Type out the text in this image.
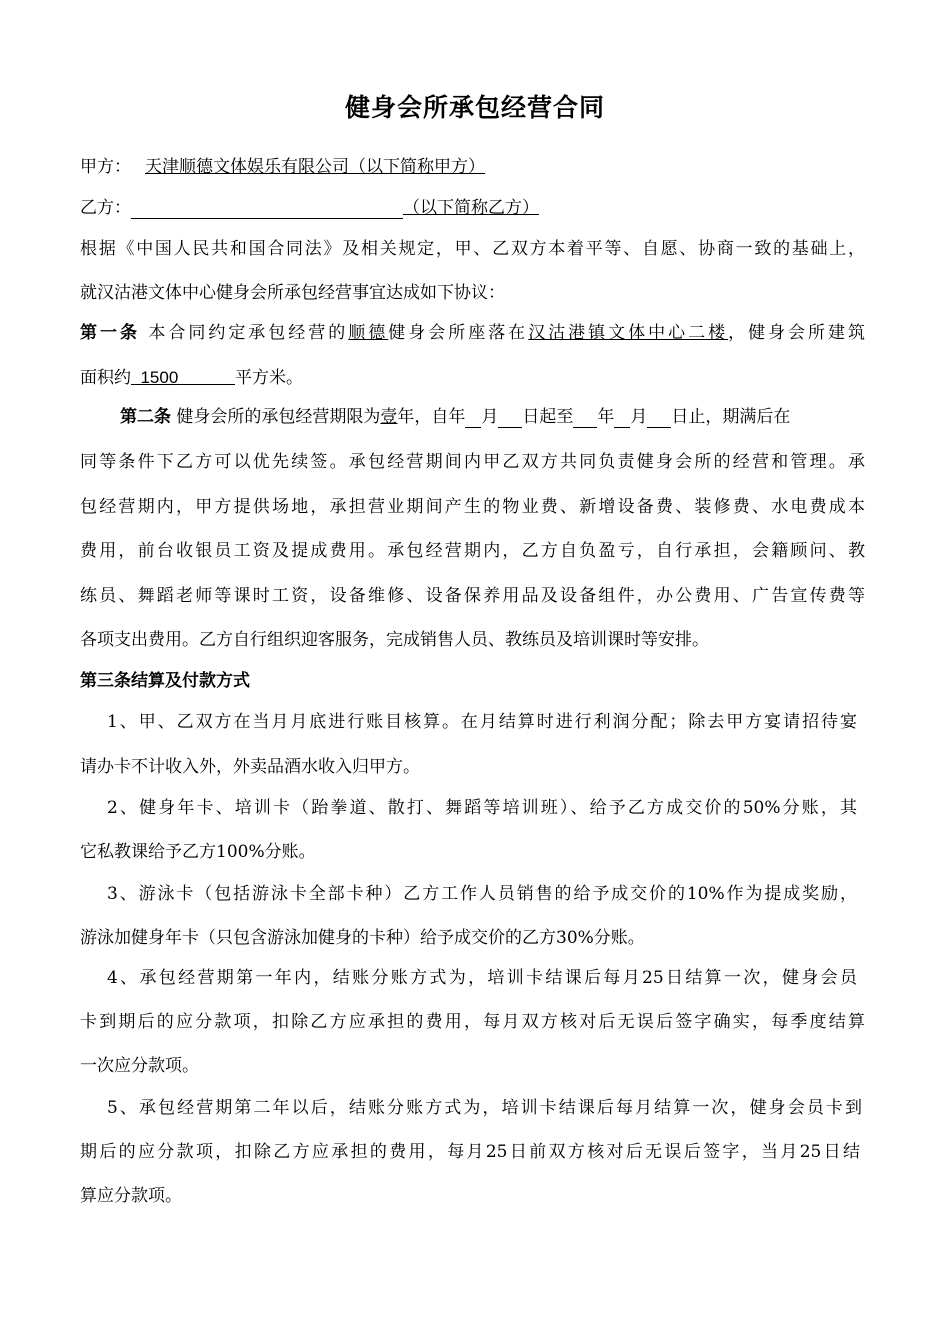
健身会所承包经营合同
甲方： 天津顺德文体娱乐有限公司（以下简称甲方）
乙方：	（以下简称乙方）
根据《中国人民共和国合同法》及相关规定，甲、乙双方本着平等、自愿、协商一致的基础上，
就汉沽港文体中心健身会所承包经营事宜达成如下协议：
第一条 本合同约定承包经营的顺德健身会所座落在汉沽港镇文体中心二楼，健身会所建筑
面积约 1500	平方米。
第二条 健身会所的承包经营期限为壹年，自年 月 日起至 年 月 日止，期满后在
同等条件下乙方可以优先续签。承包经营期间内甲乙双方共同负责健身会所的经营和管理。承
包经营期内，甲方提供场地，承担营业期间产生的物业费、新增设备费、装修费、水电费成本
费用，前台收银员工资及提成费用。承包经营期内，乙方自负盈亏，自行承担，会籍顾问、教
练员、舞蹈老师等课时工资，设备维修、设备保养用品及设备组件，办公费用、广告宣传费等
各项支出费用。乙方自行组织迎客服务，完成销售人员、教练员及培训课时等安排。
第三条结算及付款方式
1、甲、乙双方在当月月底进行账目核算。在月结算时进行利润分配；除去甲方宴请招待宴
请办卡不计收入外，外卖品酒水收入归甲方。
2、健身年卡、培训卡（跆拳道、散打、舞蹈等培训班）、给予乙方成交价的50%分账，其
它私教课给予乙方100%分账。
3、游泳卡（包括游泳卡全部卡种）乙方工作人员销售的给予成交价的10%作为提成奖励，
游泳加健身年卡（只包含游泳加健身的卡种）给予成交价的乙方30%分账。
4、承包经营期第一年内，结账分账方式为，培训卡结课后每月25日结算一次，健身会员
卡到期后的应分款项，扣除乙方应承担的费用，每月双方核对后无误后签字确实，每季度结算
一次应分款项。
5、承包经营期第二年以后，结账分账方式为，培训卡结课后每月结算一次，健身会员卡到
期后的应分款项，扣除乙方应承担的费用，每月25日前双方核对后无误后签字，当月25日结
算应分款项。
